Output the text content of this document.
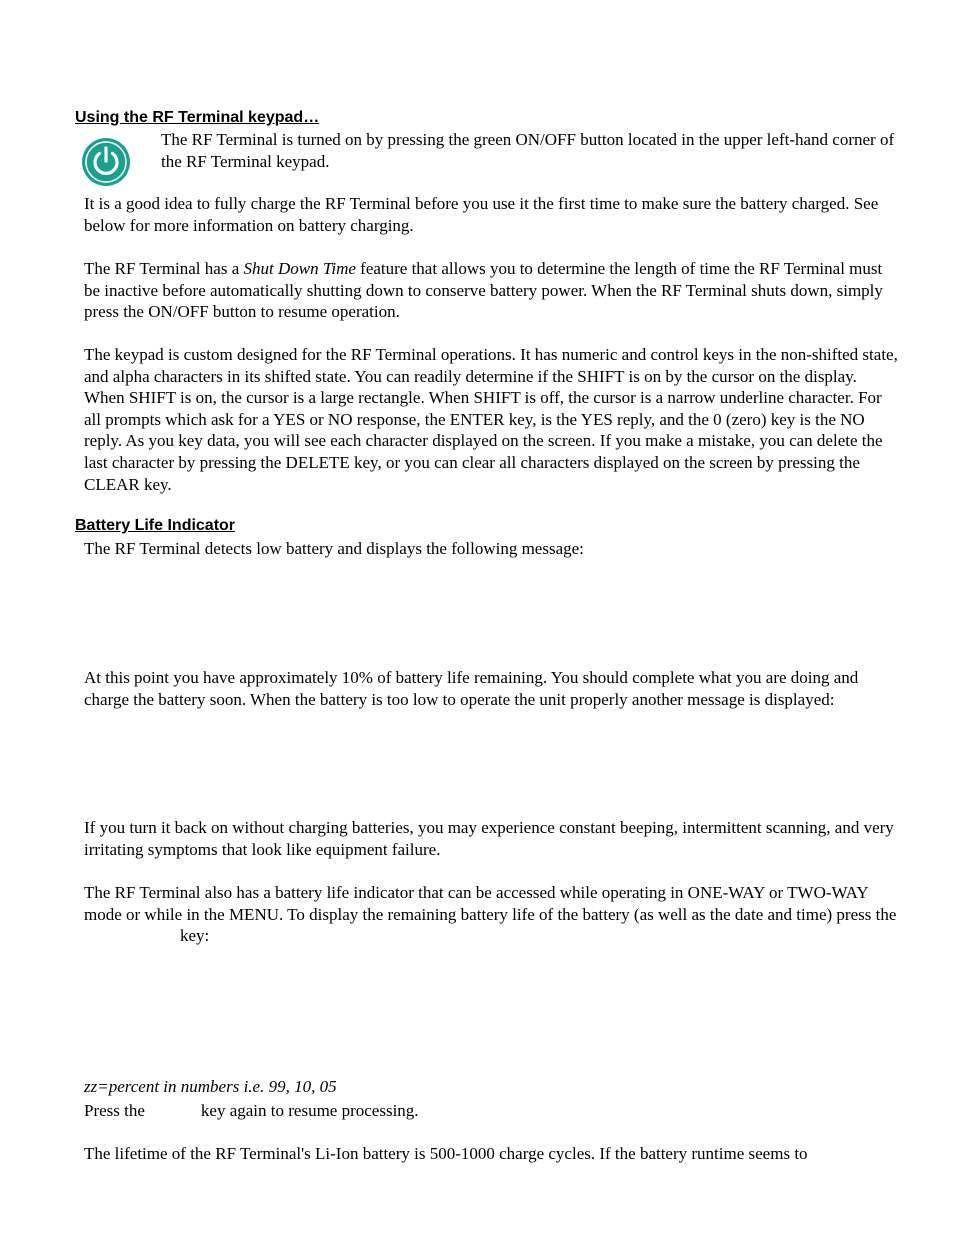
Using the RF Terminal keypad…
The RF Terminal is turned on by pressing the green ON/OFF button located in the upper left-hand corner of the RF Terminal keypad.
It is a good idea to fully charge the RF Terminal before you use it the first time to make sure the battery charged. See below for more information on battery charging.
The RF Terminal has a Shut Down Time feature that allows you to determine the length of time the RF Terminal must be inactive before automatically shutting down to conserve battery power. When the RF Terminal shuts down, simply press the ON/OFF button to resume operation.
The keypad is custom designed for the RF Terminal operations. It has numeric and control keys in the non-shifted state, and alpha characters in its shifted state. You can readily determine if the SHIFT is on by the cursor on the display. When SHIFT is on, the cursor is a large rectangle. When SHIFT is off, the cursor is a narrow underline character. For all prompts which ask for a YES or NO response, the ENTER key, is the YES reply, and the 0 (zero) key is the NO reply. As you key data, you will see each character displayed on the screen. If you make a mistake, you can delete the last character by pressing the DELETE key, or you can clear all characters displayed on the screen by pressing the CLEAR key.
Battery Life Indicator
The RF Terminal detects low battery and displays the following message:
At this point you have approximately 10% of battery life remaining. You should complete what you are doing and charge the battery soon. When the battery is too low to operate the unit properly another message is displayed:
If you turn it back on without charging batteries, you may experience constant beeping, intermittent scanning, and very irritating symptoms that look like equipment failure.
The RF Terminal also has a battery life indicator that can be accessed while operating in ONE-WAY or TWO-WAY mode or while in the MENU. To display the remaining battery life of the battery (as well as the date and time) press thekey:
zz=percent in numbers i.e. 99, 10, 05
Press the	key again to resume processing.
The lifetime of the RF Terminal's Li-Ion battery is 500-1000 charge cycles. If the battery runtime seems to
